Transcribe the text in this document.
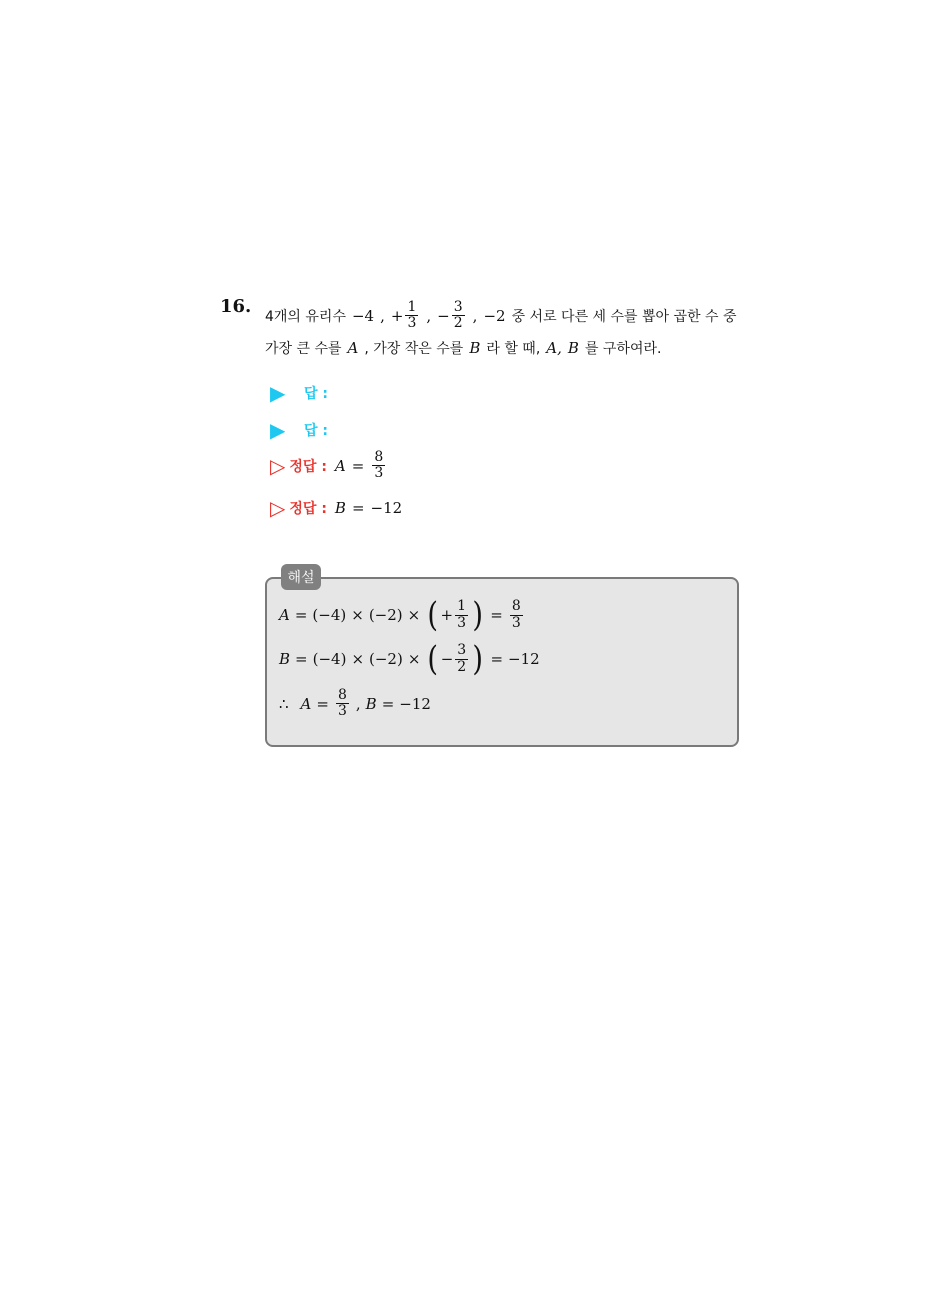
16. 4개의 유리수 −4 , + $\frac{1}{3}$ , − $\frac{3}{2}$ , −2 중 서로 다른 세 수를 뽑아 곱한 수 중
가장 큰 수를 A , 가장 작은 수를 B 라 할 때, A, B 를 구하여라.
▶	답 :
▶	답 :
▷ 정답 : $A = \frac{8}{3}$
▷ 정답 : B = −12
해설
A = (−4) × (−2) × ( + $\frac{1}{3}$ ) = $\frac{8}{3}$
B = (−4) × (−2) × ( − $\frac{3}{2}$ ) = −12
∴ $A = \frac{8}{3}$ , B = −12
